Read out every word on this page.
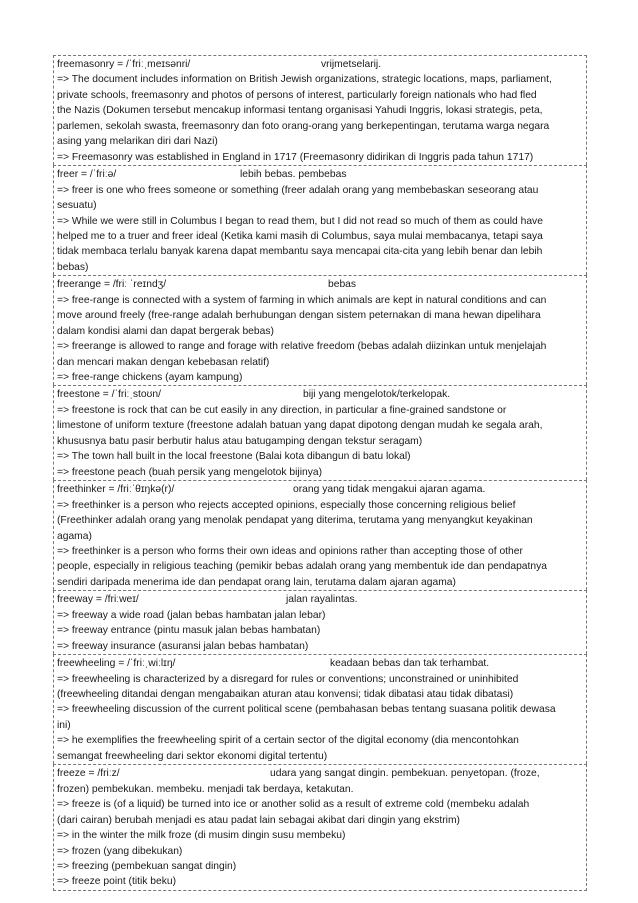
freemasonry = /ˈfriːˌmeɪsənri/	vrijmetselarij.
=> The document includes information on British Jewish organizations, strategic locations, maps, parliament,
private schools, freemasonry and photos of persons of interest, particularly foreign nationals who had fled
the Nazis (Dokumen tersebut mencakup informasi tentang organisasi Yahudi Inggris, lokasi strategis, peta,
parlemen, sekolah swasta, freemasonry dan foto orang-orang yang berkepentingan, terutama warga negara
asing yang melarikan diri dari Nazi)
=> Freemasonry was established in England in 1717 (Freemasonry didirikan di Inggris pada tahun 1717)
freer = /ˈfriːə/	lebih bebas. pembebas
=> freer is one who frees someone or something (freer adalah orang yang membebaskan seseorang atau
sesuatu)
=> While we were still in Columbus I began to read them, but I did not read so much of them as could have
helped me to a truer and freer ideal (Ketika kami masih di Columbus, saya mulai membacanya, tetapi saya
tidak membaca terlalu banyak karena dapat membantu saya mencapai cita-cita yang lebih benar dan lebih
bebas)
freerange = /friː ˈreɪndʒ/	bebas
=> free-range is connected with a system of farming in which animals are kept in natural conditions and can
move around freely (free-range adalah berhubungan dengan sistem peternakan di mana hewan dipelihara
dalam kondisi alami dan dapat bergerak bebas)
=> freerange is allowed to range and forage with relative freedom (bebas adalah diizinkan untuk menjelajah
dan mencari makan dengan kebebasan relatif)
=> free-range chickens (ayam kampung)
freestone = /ˈfriːˌstoʊn/	biji yang mengelotok/terkelopak.
=> freestone is rock that can be cut easily in any direction, in particular a fine-grained sandstone or
limestone of uniform texture (freestone adalah batuan yang dapat dipotong dengan mudah ke segala arah,
khususnya batu pasir berbutir halus atau batugamping dengan tekstur seragam)
=> The town hall built in the local freestone (Balai kota dibangun di batu lokal)
=> freestone peach (buah persik yang mengelotok bijinya)
freethinker = /friːˈθɪŋkə(r)/	orang yang tidak mengakui ajaran agama.
=> freethinker is a person who rejects accepted opinions, especially those concerning religious belief
(Freethinker adalah orang yang menolak pendapat yang diterima, terutama yang menyangkut keyakinan
agama)
=> freethinker is a person who forms their own ideas and opinions rather than accepting those of other
people, especially in religious teaching (pemikir bebas adalah orang yang membentuk ide dan pendapatnya
sendiri daripada menerima ide dan pendapat orang lain, terutama dalam ajaran agama)
freeway = /friːweɪ/	jalan rayalintas.
=> freeway a wide road (jalan bebas hambatan jalan lebar)
=> freeway entrance (pintu masuk jalan bebas hambatan)
=> freeway insurance (asuransi jalan bebas hambatan)
freewheeling = /ˈfriːˌwiːlɪŋ/	keadaan bebas dan tak terhambat.
=> freewheeling is characterized by a disregard for rules or conventions; unconstrained or uninhibited
(freewheeling ditandai dengan mengabaikan aturan atau konvensi; tidak dibatasi atau tidak dibatasi)
=> freewheeling discussion of the current political scene (pembahasan bebas tentang suasana politik dewasa
ini)
=> he exemplifies the freewheeling spirit of a certain sector of the digital economy (dia mencontohkan
semangat freewheeling dari sektor ekonomi digital tertentu)
freeze = /friːz/	udara yang sangat dingin. pembekuan. penyetopan. (froze,
frozen) pembekukan. membeku. menjadi tak berdaya, ketakutan.
=> freeze is (of a liquid) be turned into ice or another solid as a result of extreme cold (membeku adalah
(dari cairan) berubah menjadi es atau padat lain sebagai akibat dari dingin yang ekstrim)
=> in the winter the milk froze (di musim dingin susu membeku)
=> frozen (yang dibekukan)
=> freezing (pembekuan sangat dingin)
=> freeze point (titik beku)
